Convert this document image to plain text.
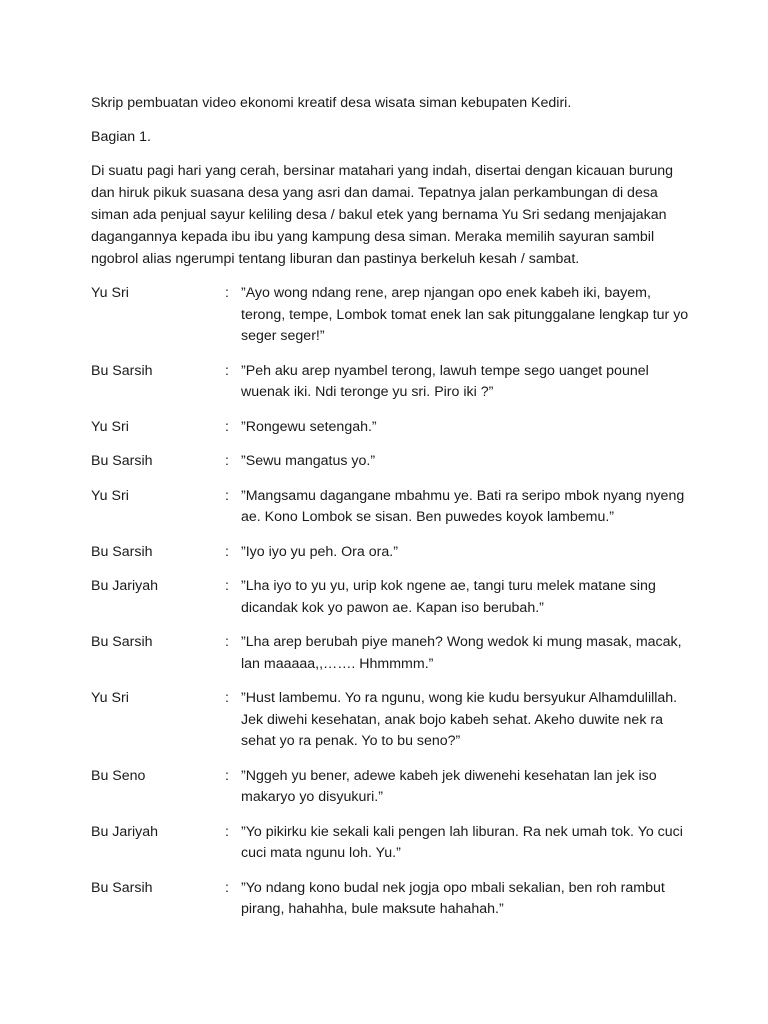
Skrip pembuatan video ekonomi kreatif desa wisata siman kebupaten Kediri.
Bagian 1.
Di suatu pagi hari yang cerah, bersinar matahari yang indah, disertai dengan kicauan burung dan hiruk pikuk suasana desa yang asri dan damai. Tepatnya jalan perkambungan di desa siman ada penjual sayur keliling desa / bakul etek yang bernama Yu Sri sedang menjajakan dagangannya kepada ibu ibu yang kampung desa siman. Meraka memilih sayuran sambil ngobrol alias ngerumpi tentang liburan dan pastinya berkeluh kesah / sambat.
Yu Sri	: ”Ayo wong ndang rene, arep njangan opo enek kabeh iki, bayem, terong, tempe, Lombok tomat enek lan sak pitunggalane lengkap tur yo seger seger!”
Bu Sarsih	: ”Peh aku arep nyambel terong, lawuh tempe sego uanget pounel wuenak iki. Ndi teronge yu sri. Piro iki ?”
Yu Sri	: ”Rongewu setengah.”
Bu Sarsih	: ”Sewu mangatus yo.”
Yu Sri	: ”Mangsamu dagangane mbahmu ye. Bati ra seripo mbok nyang nyeng ae. Kono Lombok se sisan. Ben puwedes koyok lambemu.”
Bu Sarsih	: ”Iyo iyo yu peh. Ora ora.”
Bu Jariyah	: ”Lha iyo to yu yu, urip kok ngene ae, tangi turu melek matane sing dicandak kok yo pawon ae. Kapan iso berubah.”
Bu Sarsih	: ”Lha arep berubah piye maneh? Wong wedok ki mung masak, macak, lan maaaaa,,……. Hhmmmm.”
Yu Sri	: ”Hust lambemu. Yo ra ngunu, wong kie kudu bersyukur Alhamdulillah. Jek diwehi kesehatan, anak bojo kabeh sehat. Akeho duwite nek ra sehat yo ra penak. Yo to bu seno?”
Bu Seno	: ”Nggeh yu bener, adewe kabeh jek diwenehi kesehatan lan jek iso makaryo yo disyukuri.”
Bu Jariyah	: ”Yo pikirku kie sekali kali pengen lah liburan. Ra nek umah tok. Yo cuci cuci mata ngunu loh. Yu.”
Bu Sarsih	: ”Yo ndang kono budal nek jogja opo mbali sekalian, ben roh rambut pirang, hahahha, bule maksute hahahah.”
